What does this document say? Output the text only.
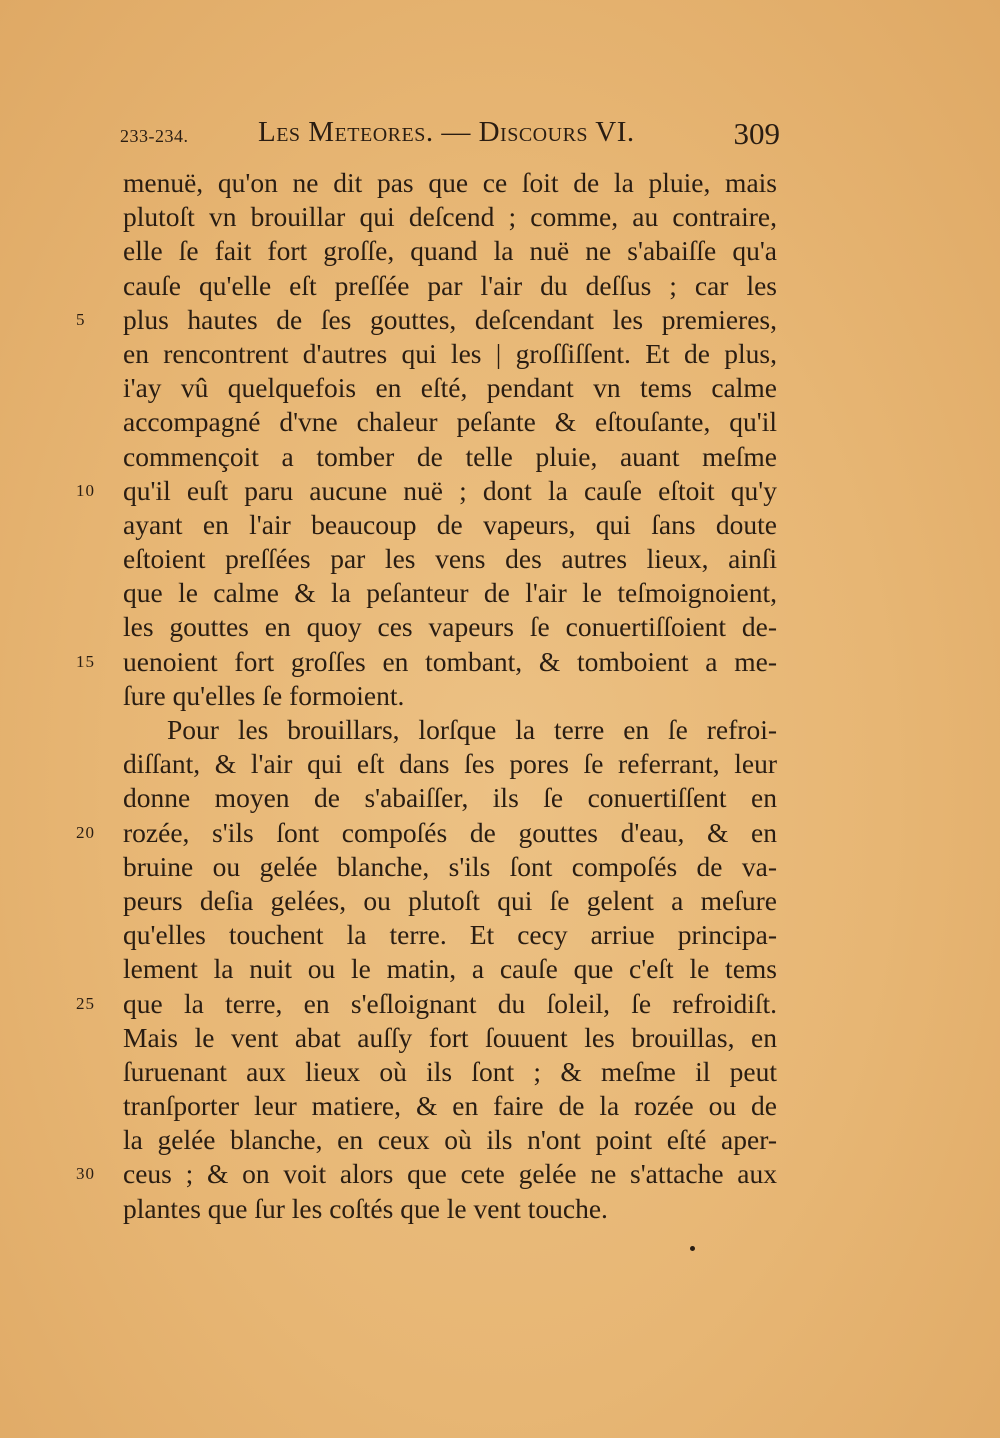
233-234. Les Meteores. — Discours VI.	309
menuë, qu'on ne dit pas que ce ſoit de la pluie, mais
plutoſt vn brouillar qui deſcend ; comme, au contraire,
elle ſe fait fort groſſe, quand la nuë ne s'abaiſſe qu'a
cauſe qu'elle eſt preſſée par l'air du deſſus ; car les
5	plus hautes de ſes gouttes, deſcendant les premieres,
en rencontrent d'autres qui les | groſſiſſent. Et de plus,
i'ay vû quelquefois en eſté, pendant vn tems calme
accompagné d'vne chaleur peſante & eſtouſante, qu'il
commençoit a tomber de telle pluie, auant meſme
10	qu'il euſt paru aucune nuë ; dont la cauſe eſtoit qu'y
ayant en l'air beaucoup de vapeurs, qui ſans doute
eſtoient preſſées par les vens des autres lieux, ainſi
que le calme & la peſanteur de l'air le teſmoignoient,
les gouttes en quoy ces vapeurs ſe conuertiſſoient de-
15	uenoient fort groſſes en tombant, & tomboient a me-
ſure qu'elles ſe formoient.
Pour les brouillars, lorſque la terre en ſe refroi-
diſſant, & l'air qui eſt dans ſes pores ſe referrant, leur
donne moyen de s'abaiſſer, ils ſe conuertiſſent en
20	rozée, s'ils ſont compoſés de gouttes d'eau, & en
bruine ou gelée blanche, s'ils ſont compoſés de va-
peurs deſia gelées, ou plutoſt qui ſe gelent a meſure
qu'elles touchent la terre. Et cecy arriue principa-
lement la nuit ou le matin, a cauſe que c'eſt le tems
25	que la terre, en s'eſloignant du ſoleil, ſe refroidiſt.
Mais le vent abat auſſy fort ſouuent les brouillas, en
ſuruenant aux lieux où ils ſont ; & meſme il peut
tranſporter leur matiere, & en faire de la rozée ou de
la gelée blanche, en ceux où ils n'ont point eſté aper-
30	ceus ; & on voit alors que cete gelée ne s'attache aux
plantes que ſur les coſtés que le vent touche.
